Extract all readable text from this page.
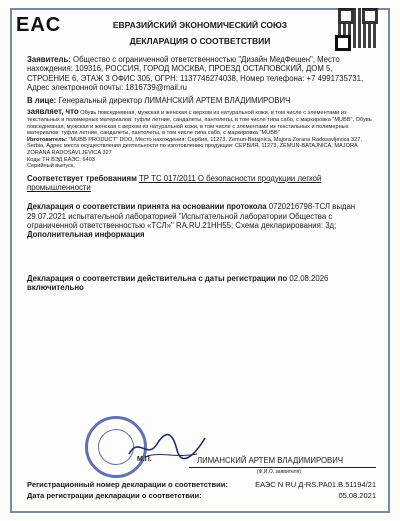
EAC	ЕВРАЗИЙСКИЙ ЭКОНОМИЧЕСКИЙ СОЮЗ
ДЕКЛАРАЦИЯ О СООТВЕТСТВИИ

Заявитель: Общество с ограниченной ответственностью "Дизайн МедФешен", Место нахождения: 109316, РОССИЯ, ГОРОД МОСКВА, ПРОЕЗД ОСТАПОВСКИЙ, ДОМ 5, СТРОЕНИЕ 6, ЭТАЖ 3 ОФИС 305, ОГРН: 1137746274038, Номер телефона: +7 4991735731, Адрес электронной почты: 1816739@mail.ru

В лице: Генеральный директор ЛИМАНСКИЙ АРТЕМ ВЛАДИМИРОВИЧ

заявляет, что Обувь повседневная, мужская и женская с верхом из натуральной кожи, в том числе с элементами из текстильных и полимерных материалов: туфли летние, сандалеты, пантолеты, в том числе типа сабо, с маркировка "MUBB", Обувь повседневная, мужская и женская с верхом из натуральной кожи, в том числе с элементами из текстильных и полимерных материалов: туфли летние, сандалеты, пантолеты, в том числе типа сабо, с маркировка "MUBB"

Изготовитель: "MUBB PRODUCT" DOO, Место нахождения: Сербия, 11273, Zemun-Batajnica, Majora Zorana Radosavljevica 327, Serbia, Адрес места осуществления деятельности по изготовлению продукции: СЕРБИЯ, 11273, ZEMUN-BATAJNICA, MAJORA ZORANA RADOSAVLJEVICA 327

Коды ТН ВЭД ЕАЭС: 6403

Серийный выпуск,

Соответствует требованиям ТР ТС 017/2011 О безопасности продукции легкой промышленности

Декларация о соответствии принята на основании протокола 0720216798-ТСЛ выдан 29.07.2021 испытательной лабораторией "Испытательной лаборатории Общества с ограниченной ответственностью «ТСЛ»" RA.RU.21HH55; Схема декларирования: 3д;

Дополнительная информация

Декларация о соответствии действительна с даты регистрации по 02.08.2026
включительно

М.П.	ЛИМАНСКИЙ АРТЕМ ВЛАДИМИРОВИЧ
(Ф.И.О. заявителя)
Регистрационный номер декларации о соответствии:	ЕАЭС N RU Д-RS.PA01.B.51194/21
Дата регистрации декларации о соответствии:	05.08.2021
